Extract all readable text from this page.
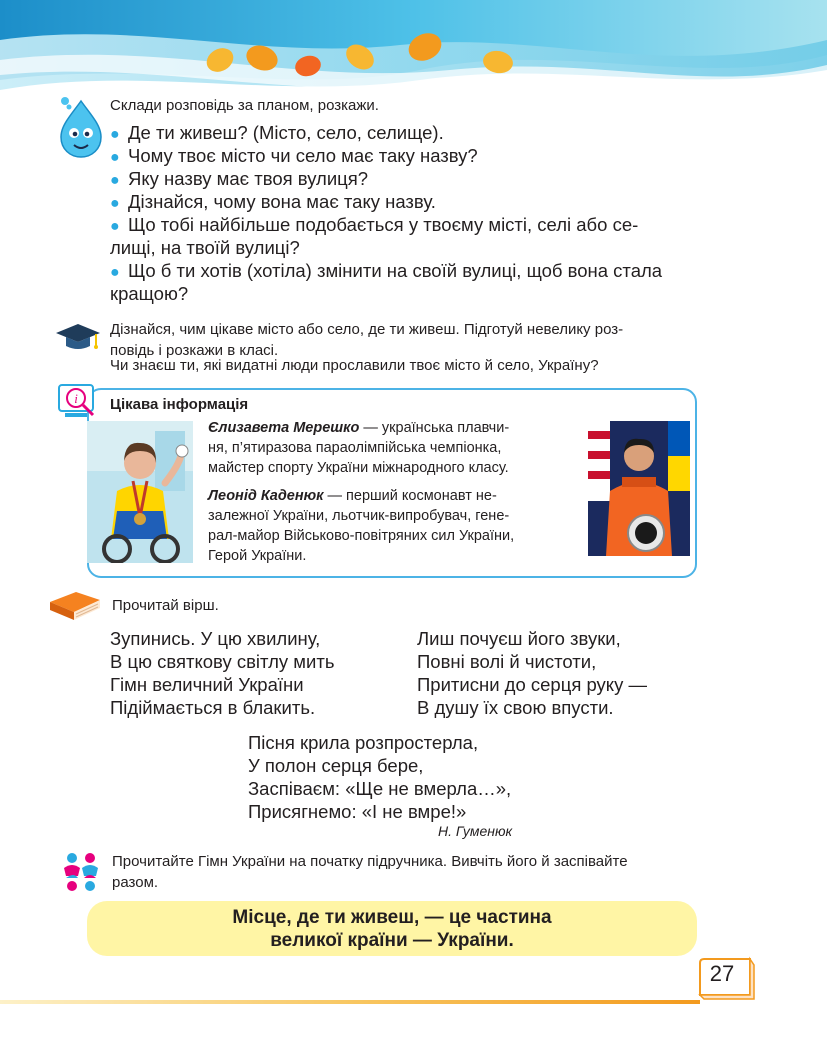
Склади розповідь за планом, розкажи.
● Де ти живеш? (Місто, село, селище).
● Чому твоє місто чи село має таку назву?
● Яку назву має твоя вулиця?
● Дізнайся, чому вона має таку назву.
● Що тобі найбільше подобається у твоєму місті, селі або се-
лищі, на твоїй вулиці?
● Що б ти хотів (хотіла) змінити на своїй вулиці, щоб вона стала
кращою?
Дізнайся, чим цікаве місто або село, де ти живеш. Підготуй невелику роз-
повідь і розкажи в класі.
Чи знаєш ти, які видатні люди прославили твоє місто й село, Україну?
i Цікава інформація
Єлизавета Мерешко — українська плавчи-
ня, п’ятиразова параолімпійська чемпіонка,
майстер спорту України міжнародного класу.
Леонід Каденюк — перший космонавт не-
залежної України, льотчик-випробувач, гене-
рал-майор Військово-повітряних сил України,
Герой України.
Прочитай вірш.
Зупинись. У цю хвилину,
В цю святкову світлу мить
Гімн величний України
Підіймається в блакить.
Лиш почуєш його звуки,
Повні волі й чистоти,
Притисни до серця руку —
В душу їх свою впусти.
Пісня крила розпростерла,
У полон серця бере,
Заспіваєм: «Ще не вмерла…»,
Присягнемо: «І не вмре!»
Н. Гуменюк
Прочитайте Гімн України на початку підручника. Вивчіть його й заспівайте
разом.
Місце, де ти живеш, — це частина
великої країни — України.
27
